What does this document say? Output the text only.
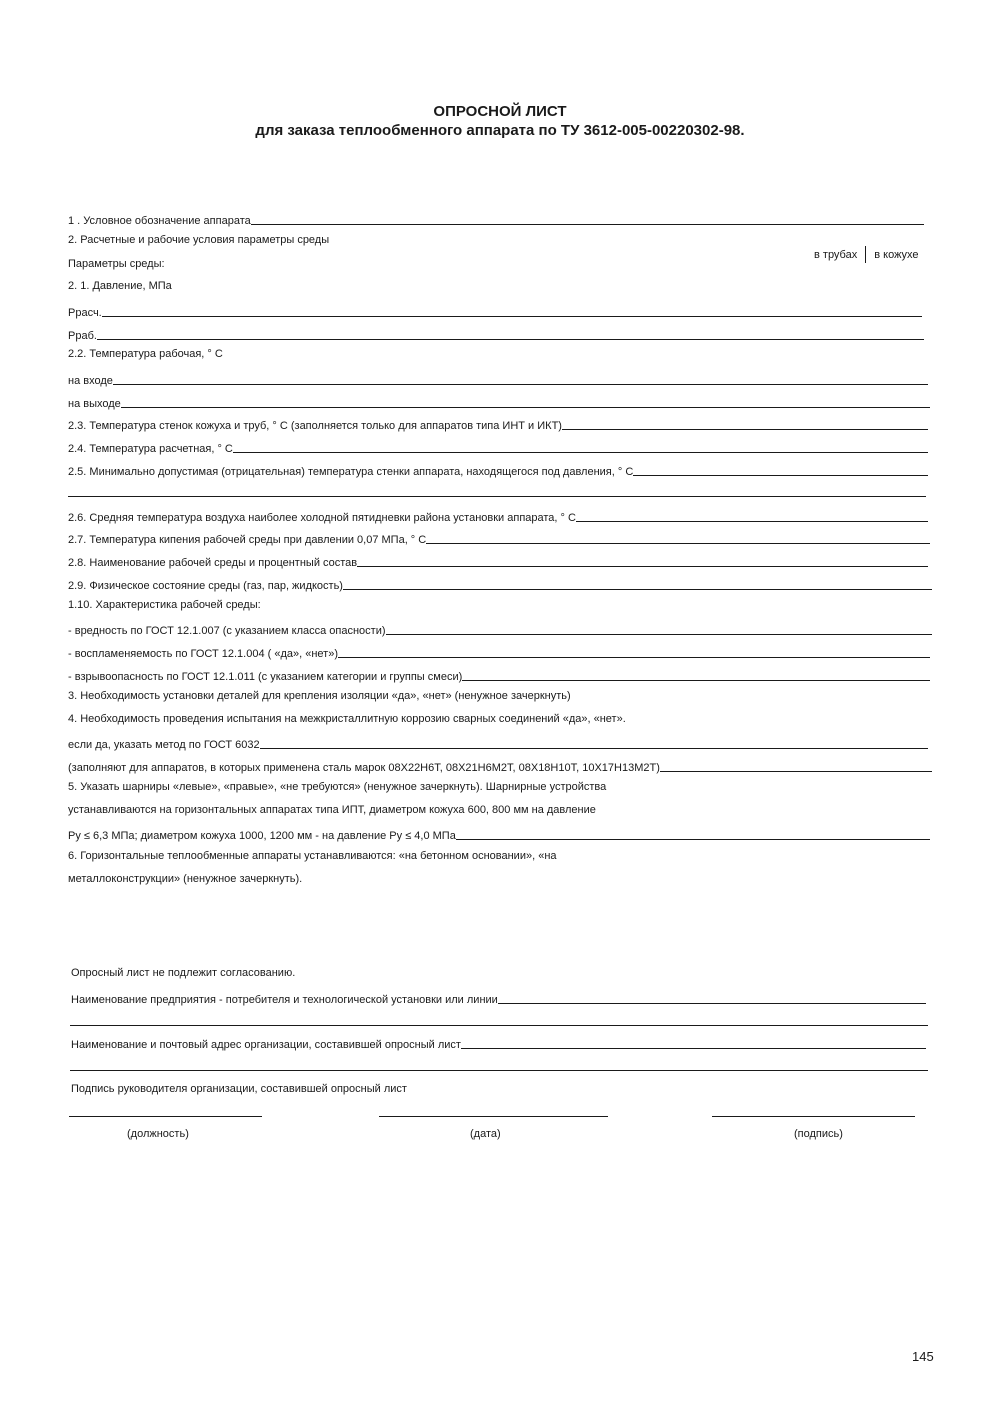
ОПРОСНОЙ ЛИСТ
для заказа теплообменного аппарата по ТУ 3612-005-00220302-98.
в трубах в кожухе
1 . Условное обозначение аппарата
2. Расчетные и рабочие условия параметры среды
Параметры среды:
2. 1. Давление, МПа
Ррасч.
Рраб.
2.2. Температура рабочая, ° С
на входе
на выходе
2.3. Температура стенок кожуха и труб, ° С (заполняется только для аппаратов типа ИНТ и ИКТ)
2.4. Температура расчетная, ° С
2.5. Минимально допустимая (отрицательная) температура стенки аппарата, находящегося под давления, ° С
2.6. Средняя температура воздуха наиболее холодной пятидневки района установки аппарата, ° С
2.7. Температура кипения рабочей среды при давлении 0,07 МПа, ° С
2.8. Наименование рабочей среды и процентный состав
2.9. Физическое состояние среды (газ, пар, жидкость)
1.10. Характеристика рабочей среды:
- вредность по ГОСТ 12.1.007 (с указанием класса опасности)
- воспламеняемость по ГОСТ 12.1.004 ( «да», «нет»)
- взрывоопасность по ГОСТ 12.1.011 (с указанием категории и группы смеси)
3. Необходимость установки деталей для крепления изоляции «да», «нет» (ненужное зачеркнуть)
4. Необходимость проведения испытания на межкристаллитную коррозию сварных соединений «да», «нет».
если да, указать метод по ГОСТ 6032
(заполняют для аппаратов, в которых применена сталь марок 08Х22Н6Т, 08Х21Н6М2Т, 08Х18Н10Т, 10Х17Н13М2Т)
5. Указать шарниры «левые», «правые», «не требуются» (ненужное зачеркнуть). Шарнирные устройства
устанавливаются на горизонтальных аппаратах типа ИПТ, диаметром кожуха 600, 800 мм на давление
Ру ≤ 6,3 МПа; диаметром кожуха 1000, 1200 мм - на давление Ру ≤ 4,0 МПа
6. Горизонтальные теплообменные аппараты устанавливаются: «на бетонном основании», «на
металлоконструкции» (ненужное зачеркнуть).
Опросный лист не подлежит согласованию.
Наименование предприятия - потребителя и технологической установки или линии
Наименование и почтовый адрес организации, составившей опросный лист
Подпись руководителя организации, составившей опросный лист
(должность)	(дата)	(подпись)
145
